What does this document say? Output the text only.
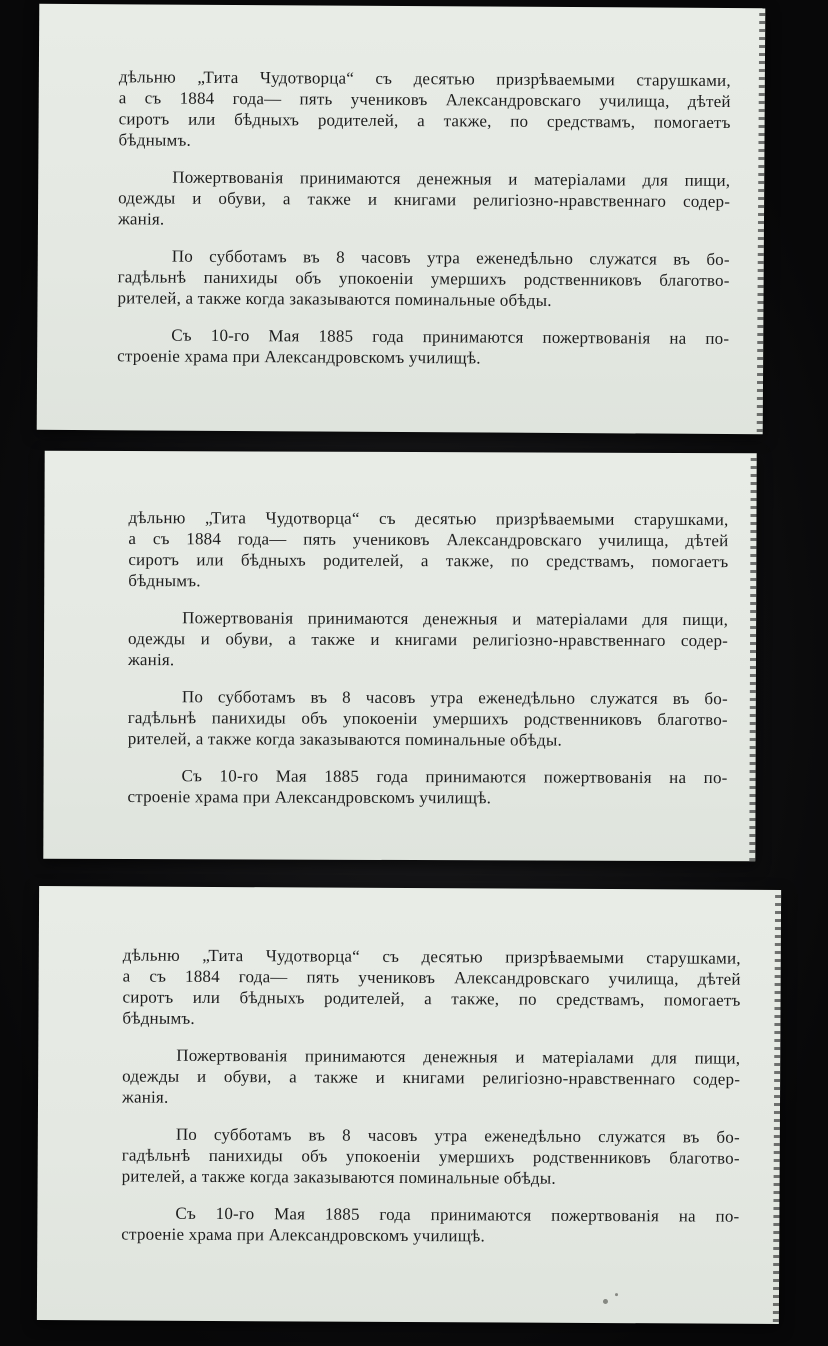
дѣльню „Тита Чудотворца“ съ десятью призрѣваемыми старушками,
а съ 1884 года— пять учениковъ Александровскаго училища, дѣтей
сиротъ или бѣдныхъ родителей, а также, по средствамъ, помогаетъ
бѣднымъ.

Пожертвованія принимаются денежныя и матеріалами для пищи,
одежды и обуви, а также и книгами религіозно-нравственнаго содер-
жанія.

По субботамъ въ 8 часовъ утра еженедѣльно служатся въ бо-
гадѣльнѣ панихиды объ упокоеніи умершихъ родственниковъ благотво-
рителей, а также когда заказываются поминальные обѣды.

Съ 10-го Мая 1885 года принимаются пожертвованія на по-
строеніе храма при Александровскомъ училищѣ.

дѣльню „Тита Чудотворца“ съ десятью призрѣваемыми старушками,
а съ 1884 года— пять учениковъ Александровскаго училища, дѣтей
сиротъ или бѣдныхъ родителей, а также, по средствамъ, помогаетъ
бѣднымъ.

Пожертвованія принимаются денежныя и матеріалами для пищи,
одежды и обуви, а также и книгами религіозно-нравственнаго содер-
жанія.

По субботамъ въ 8 часовъ утра еженедѣльно служатся въ бо-
гадѣльнѣ панихиды объ упокоеніи умершихъ родственниковъ благотво-
рителей, а также когда заказываются поминальные обѣды.

Съ 10-го Мая 1885 года принимаются пожертвованія на по-
строеніе храма при Александровскомъ училищѣ.

дѣльню „Тита Чудотворца“ съ десятью призрѣваемыми старушками,
а съ 1884 года— пять учениковъ Александровскаго училища, дѣтей
сиротъ или бѣдныхъ родителей, а также, по средствамъ, помогаетъ
бѣднымъ.

Пожертвованія принимаются денежныя и матеріалами для пищи,
одежды и обуви, а также и книгами религіозно-нравственнаго содер-
жанія.

По субботамъ въ 8 часовъ утра еженедѣльно служатся въ бо-
гадѣльнѣ панихиды объ упокоеніи умершихъ родственниковъ благотво-
рителей, а также когда заказываются поминальные обѣды.

Съ 10-го Мая 1885 года принимаются пожертвованія на по-
строеніе храма при Александровскомъ училищѣ.
